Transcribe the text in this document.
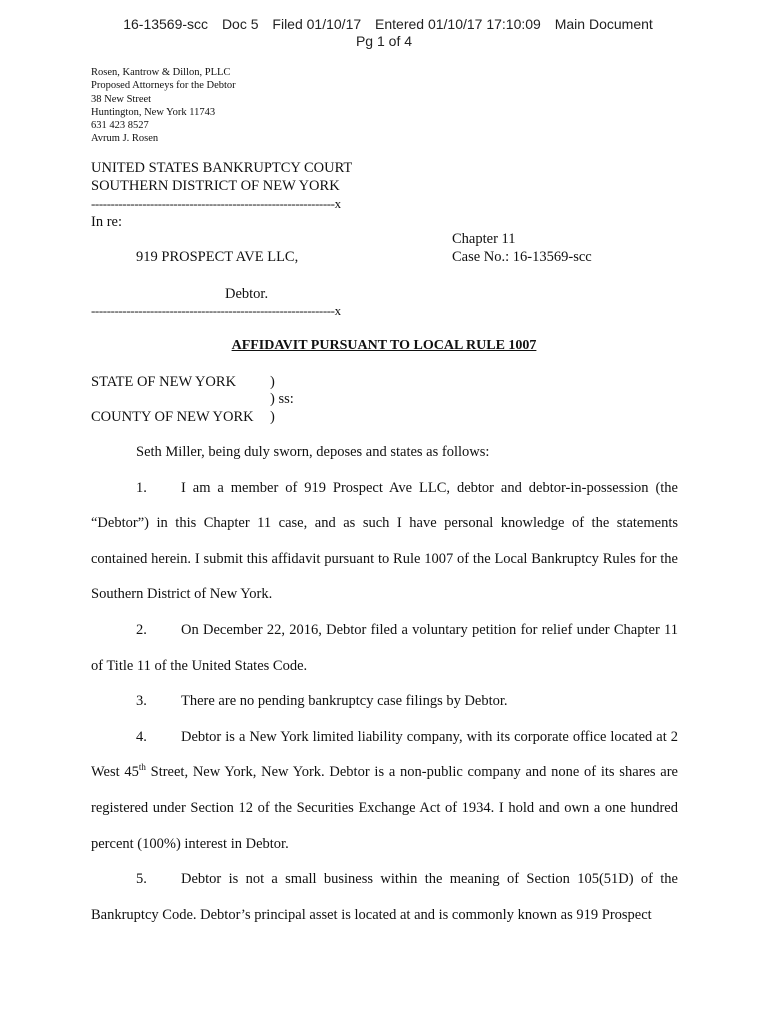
16-13569-scc Doc 5 Filed 01/10/17 Entered 01/10/17 17:10:09 Main Document
Pg 1 of 4
Rosen, Kantrow & Dillon, PLLC
Proposed Attorneys for the Debtor
38 New Street
Huntington, New York 11743
631 423 8527
Avrum J. Rosen
UNITED STATES BANKRUPTCY COURT
SOUTHERN DISTRICT OF NEW YORK
--------------------------------------------------------------x
In re:
Chapter 11
919 PROSPECT AVE LLC,	Case No.: 16-13569-scc
Debtor.
--------------------------------------------------------------x
AFFIDAVIT PURSUANT TO LOCAL RULE 1007
STATE OF NEW YORK )
) ss:
COUNTY OF NEW YORK )

Seth Miller, being duly sworn, deposes and states as follows:

1. I am a member of 919 Prospect Ave LLC, debtor and debtor-in-possession (the “Debtor”) in this Chapter 11 case, and as such I have personal knowledge of the statements contained herein. I submit this affidavit pursuant to Rule 1007 of the Local Bankruptcy Rules for the Southern District of New York.

2. On December 22, 2016, Debtor filed a voluntary petition for relief under Chapter 11 of Title 11 of the United States Code.

3. There are no pending bankruptcy case filings by Debtor.

4. Debtor is a New York limited liability company, with its corporate office located at 2 West 45th Street, New York, New York. Debtor is a non-public company and none of its shares are registered under Section 12 of the Securities Exchange Act of 1934. I hold and own a one hundred percent (100%) interest in Debtor.

5. Debtor is not a small business within the meaning of Section 105(51D) of the Bankruptcy Code. Debtor’s principal asset is located at and is commonly known as 919 Prospect
